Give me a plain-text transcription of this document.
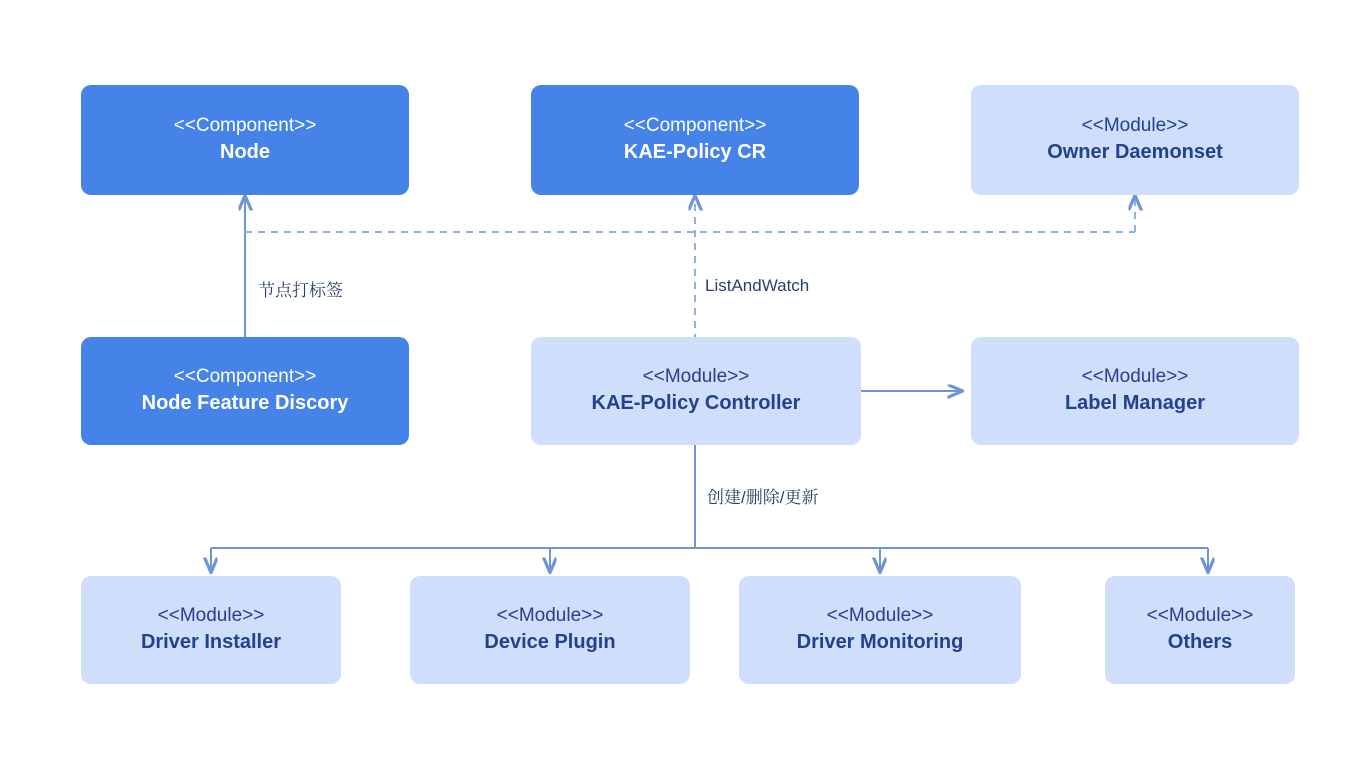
<<Component>>
Node
<<Component>>
KAE-Policy CR
<<Module>>
Owner Daemonset
<<Component>>
Node Feature Discory
<<Module>>
KAE-Policy Controller
<<Module>>
Label Manager
<<Module>>
Driver Installer
<<Module>>
Device Plugin
<<Module>>
Driver Monitoring
<<Module>>
Others
节点打标签	ListAndWatch
创建/删除/更新
